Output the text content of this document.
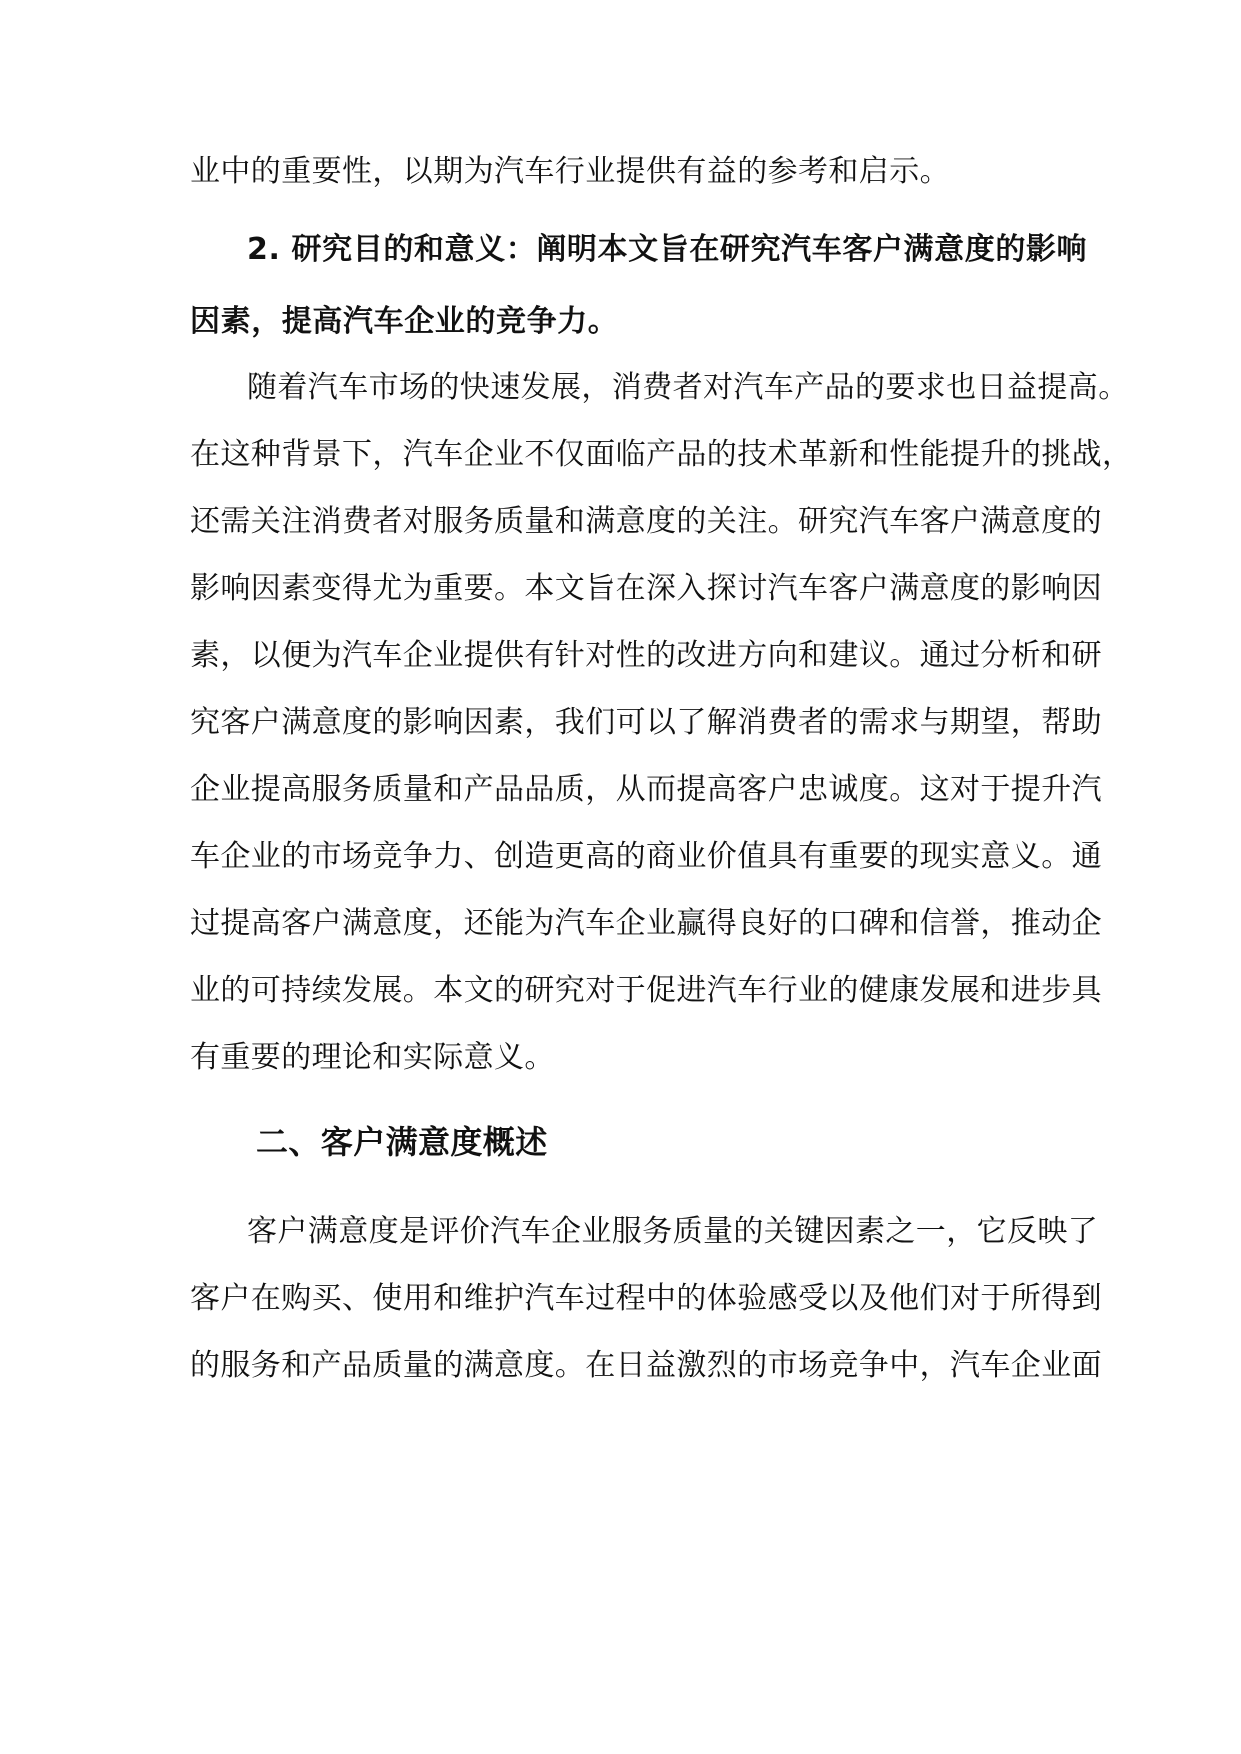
业中的重要性，以期为汽车行业提供有益的参考和启示。
2. 研究目的和意义：阐明本文旨在研究汽车客户满意度的影响
因素，提高汽车企业的竞争力。
随着汽车市场的快速发展，消费者对汽车产品的要求也日益提高。
在这种背景下，汽车企业不仅面临产品的技术革新和性能提升的挑战，
还需关注消费者对服务质量和满意度的关注。研究汽车客户满意度的
影响因素变得尤为重要。本文旨在深入探讨汽车客户满意度的影响因
素，以便为汽车企业提供有针对性的改进方向和建议。通过分析和研
究客户满意度的影响因素，我们可以了解消费者的需求与期望，帮助
企业提高服务质量和产品品质，从而提高客户忠诚度。这对于提升汽
车企业的市场竞争力、创造更高的商业价值具有重要的现实意义。通
过提高客户满意度，还能为汽车企业赢得良好的口碑和信誉，推动企
业的可持续发展。本文的研究对于促进汽车行业的健康发展和进步具
有重要的理论和实际意义。
二、客户满意度概述
客户满意度是评价汽车企业服务质量的关键因素之一，它反映了
客户在购买、使用和维护汽车过程中的体验感受以及他们对于所得到
的服务和产品质量的满意度。在日益激烈的市场竞争中，汽车企业面
